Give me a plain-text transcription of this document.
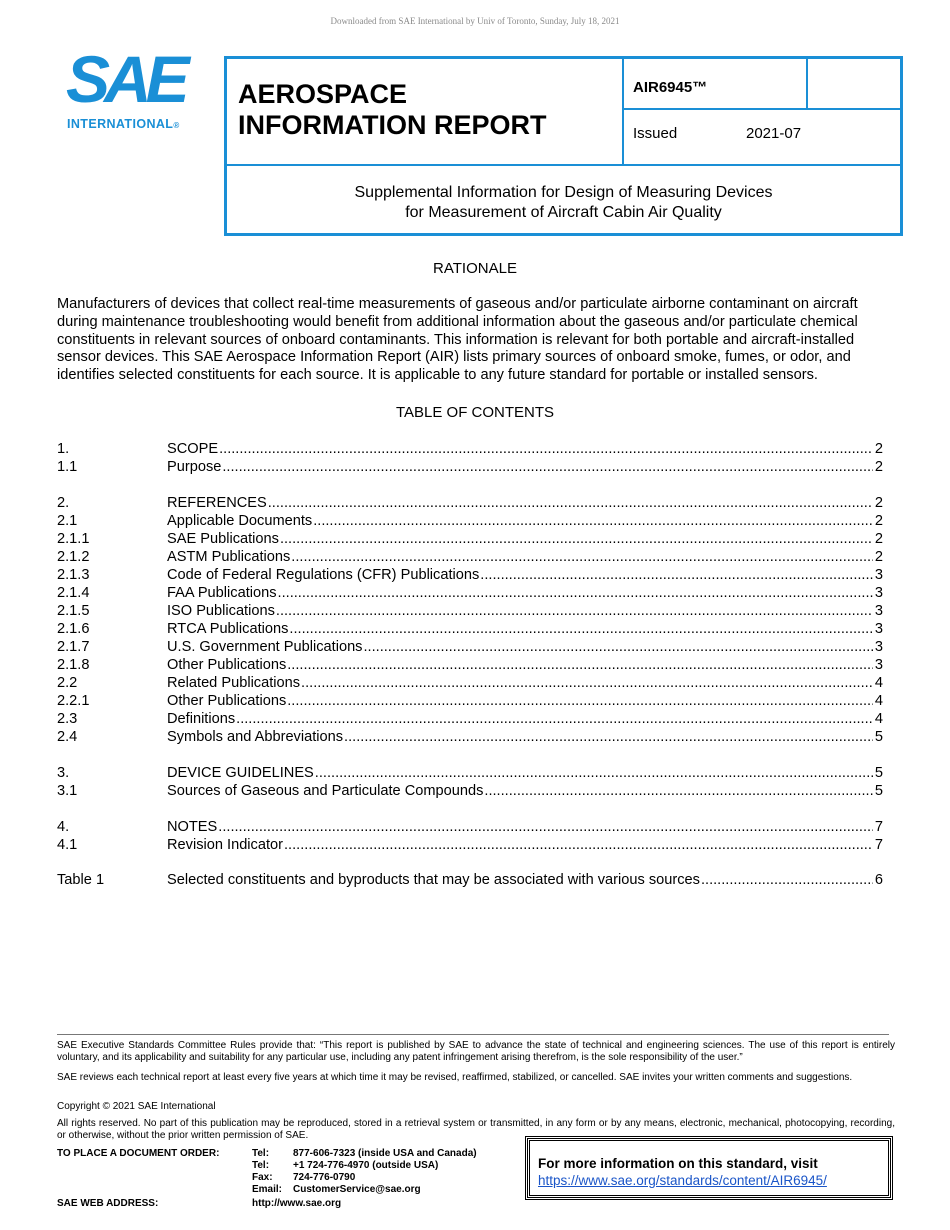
Downloaded from SAE International by Univ of Toronto, Sunday, July 18, 2021
SAE
INTERNATIONAL®
AEROSPACE
INFORMATION REPORT
AIR6945™
Issued	2021-07
Supplemental Information for Design of Measuring Devices
for Measurement of Aircraft Cabin Air Quality
RATIONALE
Manufacturers of devices that collect real-time measurements of gaseous and/or particulate airborne contaminant on aircraft during maintenance troubleshooting would benefit from additional information about the gaseous and/or particulate chemical constituents in relevant sources of onboard contaminants. This information is relevant for both portable and aircraft-installed sensor devices. This SAE Aerospace Information Report (AIR) lists primary sources of onboard smoke, fumes, or odor, and identifies selected constituents for each source. It is applicable to any future standard for portable or installed sensors.
TABLE OF CONTENTS
1.	SCOPE .....	2
1.1	Purpose .....	2
2.	REFERENCES .....	2
2.1	Applicable Documents .....	2
2.1.1	SAE Publications .....	2
2.1.2	ASTM Publications .....	2
2.1.3	Code of Federal Regulations (CFR) Publications .....	3
2.1.4	FAA Publications .....	3
2.1.5	ISO Publications .....	3
2.1.6	RTCA Publications .....	3
2.1.7	U.S. Government Publications .....	3
2.1.8	Other Publications .....	3
2.2	Related Publications .....	4
2.2.1	Other Publications .....	4
2.3	Definitions .....	4
2.4	Symbols and Abbreviations .....	5
3.	DEVICE GUIDELINES .....	5
3.1	Sources of Gaseous and Particulate Compounds .....	5
4.	NOTES .....	7
4.1	Revision Indicator .....	7
Table 1	Selected constituents and byproducts that may be associated with various sources .....	6
SAE Executive Standards Committee Rules provide that: “This report is published by SAE to advance the state of technical and engineering sciences. The use of this report is entirely voluntary, and its applicability and suitability for any particular use, including any patent infringement arising therefrom, is the sole responsibility of the user.”
SAE reviews each technical report at least every five years at which time it may be revised, reaffirmed, stabilized, or cancelled. SAE invites your written comments and suggestions.
Copyright © 2021 SAE International
All rights reserved. No part of this publication may be reproduced, stored in a retrieval system or transmitted, in any form or by any means, electronic, mechanical, photocopying, recording, or otherwise, without the prior written permission of SAE.
TO PLACE A DOCUMENT ORDER:	Tel: 877-606-7323 (inside USA and Canada)
Tel: +1 724-776-4970 (outside USA)
Fax: 724-776-0790
Email: CustomerService@sae.org
SAE WEB ADDRESS:	http://www.sae.org
For more information on this standard, visit
https://www.sae.org/standards/content/AIR6945/
